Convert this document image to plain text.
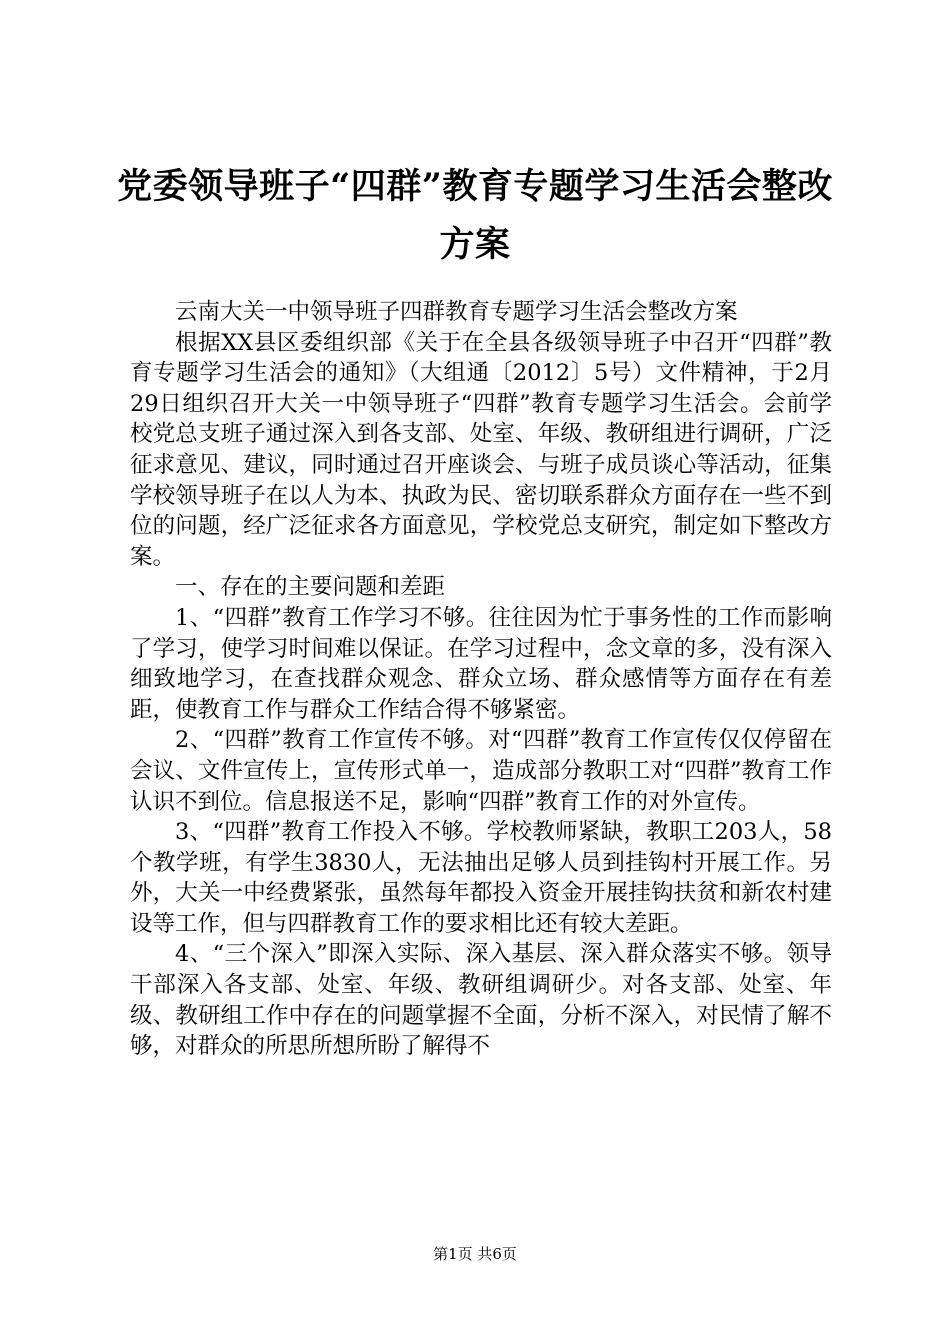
党委领导班子“四群”教育专题学习生活会整改方案

云南大关一中领导班子四群教育专题学习生活会整改方案

根据XX县区委组织部《关于在全县各级领导班子中召开“四群”教育专题学习生活会的通知》（大组通〔2012〕5号）文件精神，于2月29日组织召开大关一中领导班子“四群”教育专题学习生活会。会前学校党总支班子通过深入到各支部、处室、年级、教研组进行调研，广泛征求意见、建议，同时通过召开座谈会、与班子成员谈心等活动，征集学校领导班子在以人为本、执政为民、密切联系群众方面存在一些不到位的问题，经广泛征求各方面意见，学校党总支研究，制定如下整改方案。

一、存在的主要问题和差距

1、“四群”教育工作学习不够。往往因为忙于事务性的工作而影响了学习，使学习时间难以保证。在学习过程中，念文章的多，没有深入细致地学习，在查找群众观念、群众立场、群众感情等方面存在有差距，使教育工作与群众工作结合得不够紧密。

2、“四群”教育工作宣传不够。对“四群”教育工作宣传仅仅停留在会议、文件宣传上，宣传形式单一，造成部分教职工对“四群”教育工作认识不到位。信息报送不足，影响“四群”教育工作的对外宣传。

3、“四群”教育工作投入不够。学校教师紧缺，教职工203人，58个教学班，有学生3830人，无法抽出足够人员到挂钩村开展工作。另外，大关一中经费紧张，虽然每年都投入资金开展挂钩扶贫和新农村建设等工作，但与四群教育工作的要求相比还有较大差距。

4、“三个深入”即深入实际、深入基层、深入群众落实不够。领导干部深入各支部、处室、年级、教研组调研少。对各支部、处室、年级、教研组工作中存在的问题掌握不全面，分析不深入，对民情了解不够，对群众的所思所想所盼了解得不

第1页 共6页
